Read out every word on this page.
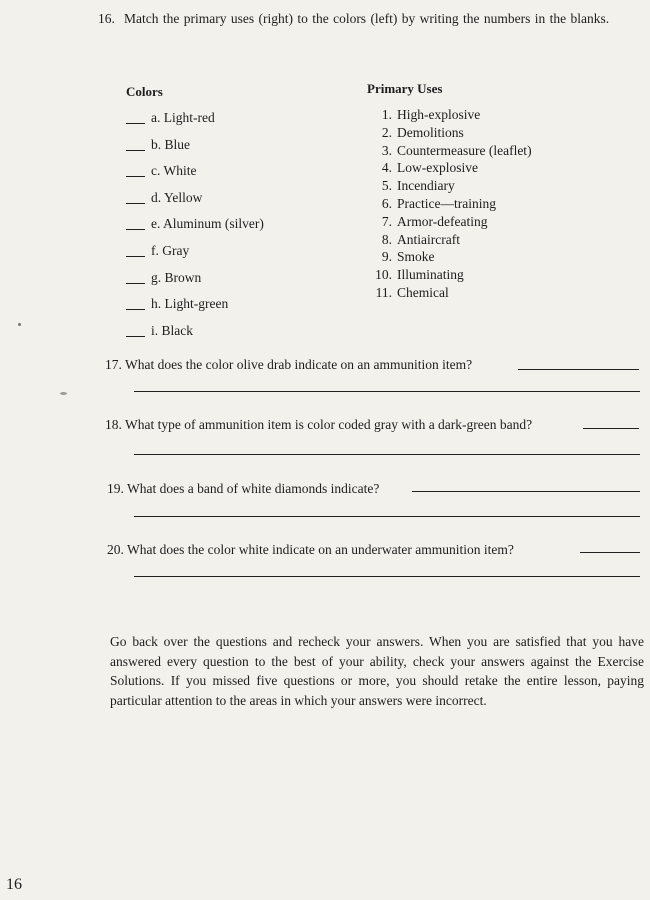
16. Match the primary uses (right) to the colors (left) by writing the numbers in the blanks.
Colors	Primary Uses
a. Light-red
b. Blue
c. White
d. Yellow
e. Aluminum (silver)
f. Gray
g. Brown
h. Light-green
i. Black
1. High-explosive
2. Demolitions
3. Countermeasure (leaflet)
4. Low-explosive
5. Incendiary
6. Practice—training
7. Armor-defeating
8. Antiaircraft
9. Smoke
10. Illuminating
11. Chemical
17. What does the color olive drab indicate on an ammunition item?
18. What type of ammunition item is color coded gray with a dark-green band?
19. What does a band of white diamonds indicate?
20. What does the color white indicate on an underwater ammunition item?
Go back over the questions and recheck your answers. When you are satisfied that you have answered every question to the best of your ability, check your answers against the Exercise Solutions. If you missed five questions or more, you should retake the entire lesson, paying particular attention to the areas in which your answers were incorrect.
16
